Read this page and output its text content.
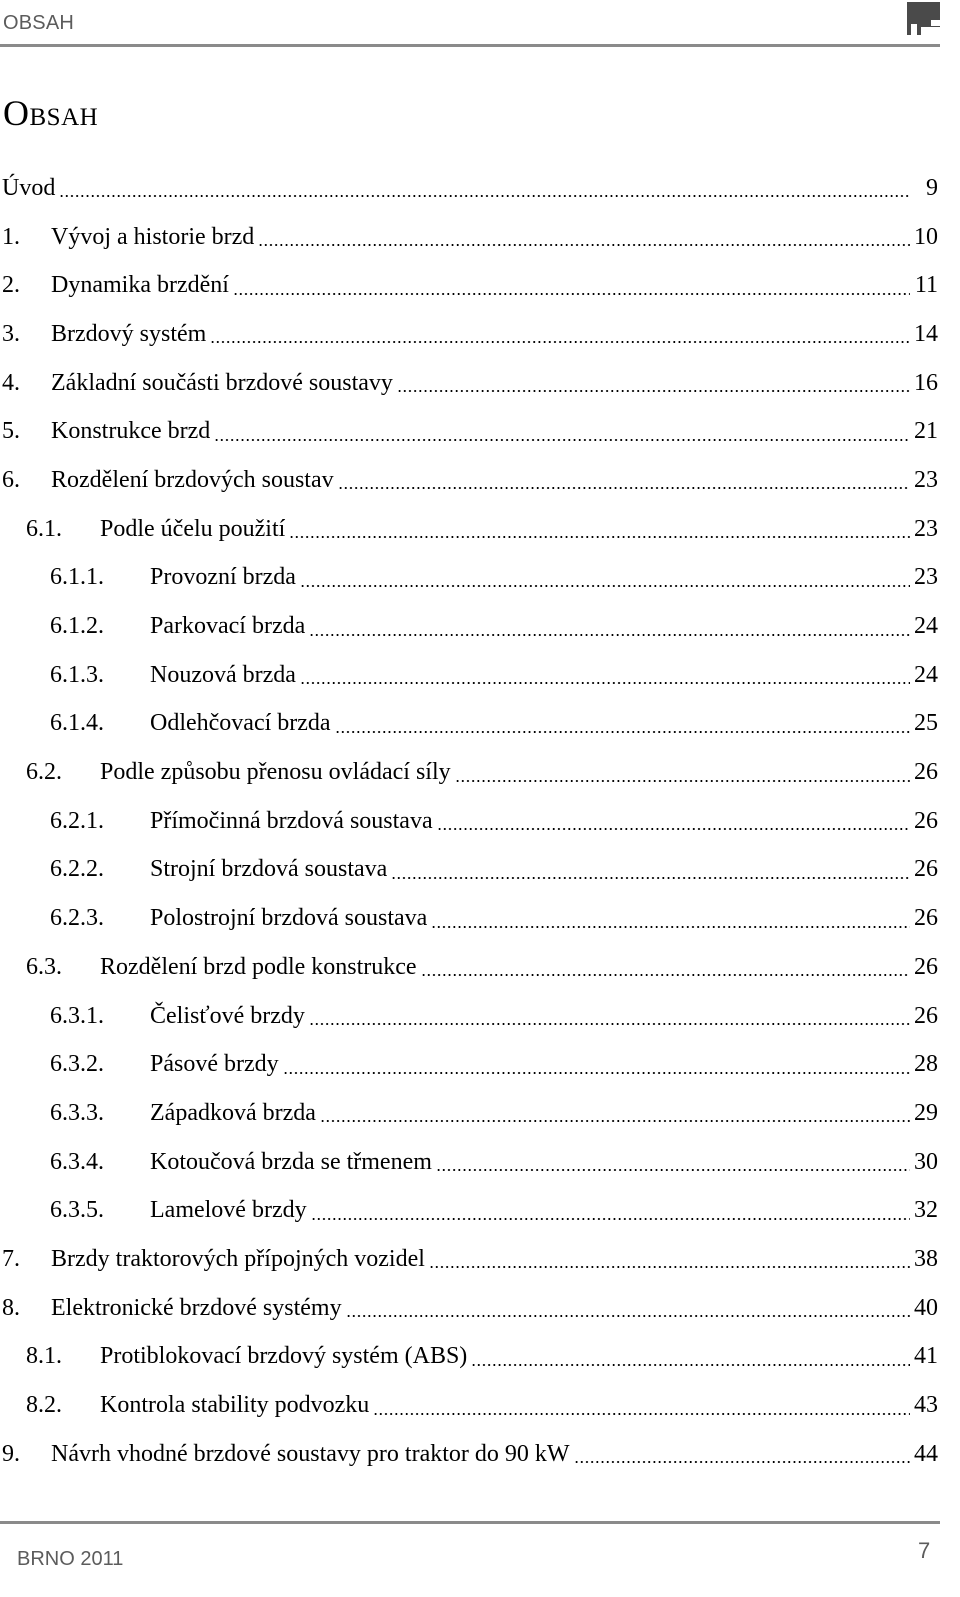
OBSAH
Obsah
Úvod	9
1.	Vývoj a historie brzd	10
2.	Dynamika brzdění	11
3.	Brzdový systém	14
4.	Základní součásti brzdové soustavy	16
5.	Konstrukce brzd	21
6.	Rozdělení brzdových soustav	23
6.1.	Podle účelu použití	23
6.1.1.	Provozní brzda	23
6.1.2.	Parkovací brzda	24
6.1.3.	Nouzová brzda	24
6.1.4.	Odlehčovací brzda	25
6.2.	Podle způsobu přenosu ovládací síly	26
6.2.1.	Přímočinná brzdová soustava	26
6.2.2.	Strojní brzdová soustava	26
6.2.3.	Polostrojní brzdová soustava	26
6.3.	Rozdělení brzd podle konstrukce	26
6.3.1.	Čelisťové brzdy	26
6.3.2.	Pásové brzdy	28
6.3.3.	Západková brzda	29
6.3.4.	Kotoučová brzda se třmenem	30
6.3.5.	Lamelové brzdy	32
7.	Brzdy traktorových přípojných vozidel	38
8.	Elektronické brzdové systémy	40
8.1.	Protiblokovací brzdový systém (ABS)	41
8.2.	Kontrola stability podvozku	43
9.	Návrh vhodné brzdové soustavy pro traktor do 90 kW	44
BRNO 2011	7
